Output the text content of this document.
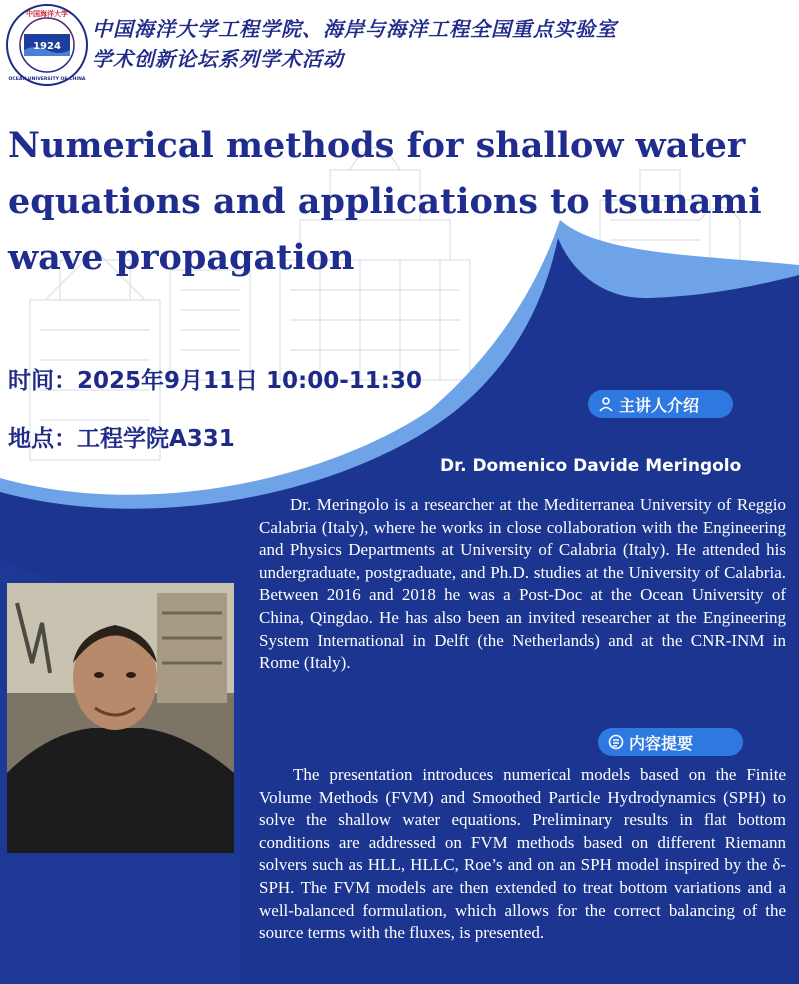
1924
中国海洋大学
OCEAN UNIVERSITY OF CHINA
中国海洋大学工程学院、海岸与海洋工程全国重点实验室
学术创新论坛系列学术活动
Numerical methods for shallow water
equations and applications to tsunami
wave propagation
时间：2025年9月11日 10:00-11:30
地点：工程学院A331
主讲人介绍
Dr. Domenico Davide Meringolo

Dr. Meringolo is a researcher at the Mediterranea University of Reggio Calabria (Italy), where he works in close collaboration with the Engineering and Physics Departments at University of Calabria (Italy). He attended his undergraduate, postgraduate, and Ph.D. studies at the University of Calabria. Between 2016 and 2018 he was a Post-Doc at the Ocean University of China, Qingdao. He has also been an invited researcher at the Engineering System International in Delft (the Netherlands) and at the CNR-INM in Rome (Italy).

内容提要

The presentation introduces numerical models based on the Finite Volume Methods (FVM) and Smoothed Particle Hydrodynamics (SPH) to solve the shallow water equations. Preliminary results in flat bottom conditions are addressed on FVM methods based on different Riemann solvers such as HLL, HLLC, Roe’s and on an SPH model inspired by the δ-SPH. The FVM models are then extended to treat bottom variations and a well-balanced formulation, which allows for the correct balancing of the source terms with the fluxes, is presented.
